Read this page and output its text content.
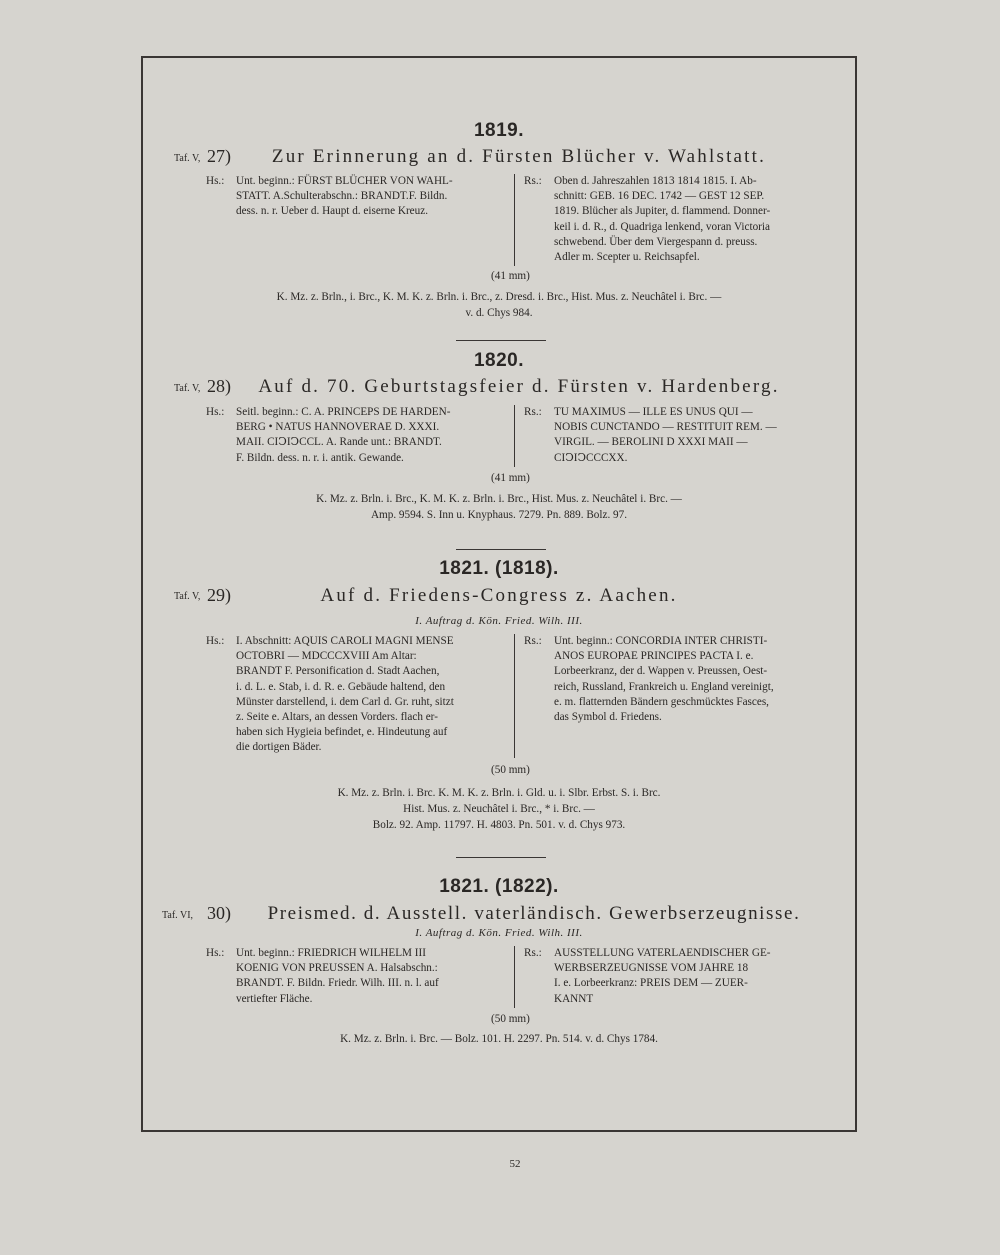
1819.
Taf. V, 27)	Zur Erinnerung an d. Fürsten Blücher v. Wahlstatt.
Hs.: Unt. beginn.: FÜRST BLÜCHER VON WAHL-
STATT. A.Schulterabschn.: BRANDT.F. Bildn.
dess. n. r. Ueber d. Haupt d. eiserne Kreuz.
Rs.: Oben d. Jahreszahlen 1813 1814 1815. I. Ab-
schnitt: GEB. 16 DEC. 1742 — GEST 12 SEP.
1819. Blücher als Jupiter, d. flammend. Donner-
keil i. d. R., d. Quadriga lenkend, voran Victoria
schwebend. Über dem Viergespann d. preuss.
Adler m. Scepter u. Reichsapfel.
(41 mm)
K. Mz. z. Brln., i. Brc., K. M. K. z. Brln. i. Brc., z. Dresd. i. Brc., Hist. Mus. z. Neuchâtel i. Brc. —
v. d. Chys 984.
1820.
Taf. V, 28)	Auf d. 70. Geburtstagsfeier d. Fürsten v. Hardenberg.
Hs.: Seitl. beginn.: C. A. PRINCEPS DE HARDEN-
BERG • NATUS HANNOVERAE D. XXXI.
MAII. CIↃIↃCCL. A. Rande unt.: BRANDT.
F. Bildn. dess. n. r. i. antik. Gewande.
Rs.: TU MAXIMUS — ILLE ES UNUS QUI —
NOBIS CUNCTANDO — RESTITUIT REM. —
VIRGIL. — BEROLINI D XXXI MAII —
CIↃIↃCCCXX.
(41 mm)
K. Mz. z. Brln. i. Brc., K. M. K. z. Brln. i. Brc., Hist. Mus. z. Neuchâtel i. Brc. —
Amp. 9594. S. Inn u. Knyphaus. 7279. Pn. 889. Bolz. 97.
1821. (1818).
Taf. V, 29)	Auf d. Friedens-Congress z. Aachen.
I. Auftrag d. Kön. Fried. Wilh. III.
Hs.: I. Abschnitt: AQUIS CAROLI MAGNI MENSE
OCTOBRI — MDCCCXVIII Am Altar:
BRANDT F. Personification d. Stadt Aachen,
i. d. L. e. Stab, i. d. R. e. Gebäude haltend, den
Münster darstellend, i. dem Carl d. Gr. ruht, sitzt
z. Seite e. Altars, an dessen Vorders. flach er-
haben sich Hygieia befindet, e. Hindeutung auf
die dortigen Bäder.
Rs.: Unt. beginn.: CONCORDIA INTER CHRISTI-
ANOS EUROPAE PRINCIPES PACTA I. e.
Lorbeerkranz, der d. Wappen v. Preussen, Oest-
reich, Russland, Frankreich u. England vereinigt,
e. m. flatternden Bändern geschmücktes Fasces,
das Symbol d. Friedens.
(50 mm)
K. Mz. z. Brln. i. Brc. K. M. K. z. Brln. i. Gld. u. i. Slbr. Erbst. S. i. Brc.
Hist. Mus. z. Neuchâtel i. Brc., * i. Brc. —
Bolz. 92. Amp. 11797. H. 4803. Pn. 501. v. d. Chys 973.
1821. (1822).
Taf. VI, 30)	Preismed. d. Ausstell. vaterländisch. Gewerbserzeugnisse.
I. Auftrag d. Kön. Fried. Wilh. III.
Hs.: Unt. beginn.: FRIEDRICH WILHELM III
KOENIG VON PREUSSEN A. Halsabschn.:
BRANDT. F. Bildn. Friedr. Wilh. III. n. l. auf
vertiefter Fläche.
Rs.: AUSSTELLUNG VATERLAENDISCHER GE-
WERBSERZEUGNISSE VOM JAHRE 18
I. e. Lorbeerkranz: PREIS DEM — ZUER-
KANNT
(50 mm)
K. Mz. z. Brln. i. Brc. — Bolz. 101. H. 2297. Pn. 514. v. d. Chys 1784.
52
